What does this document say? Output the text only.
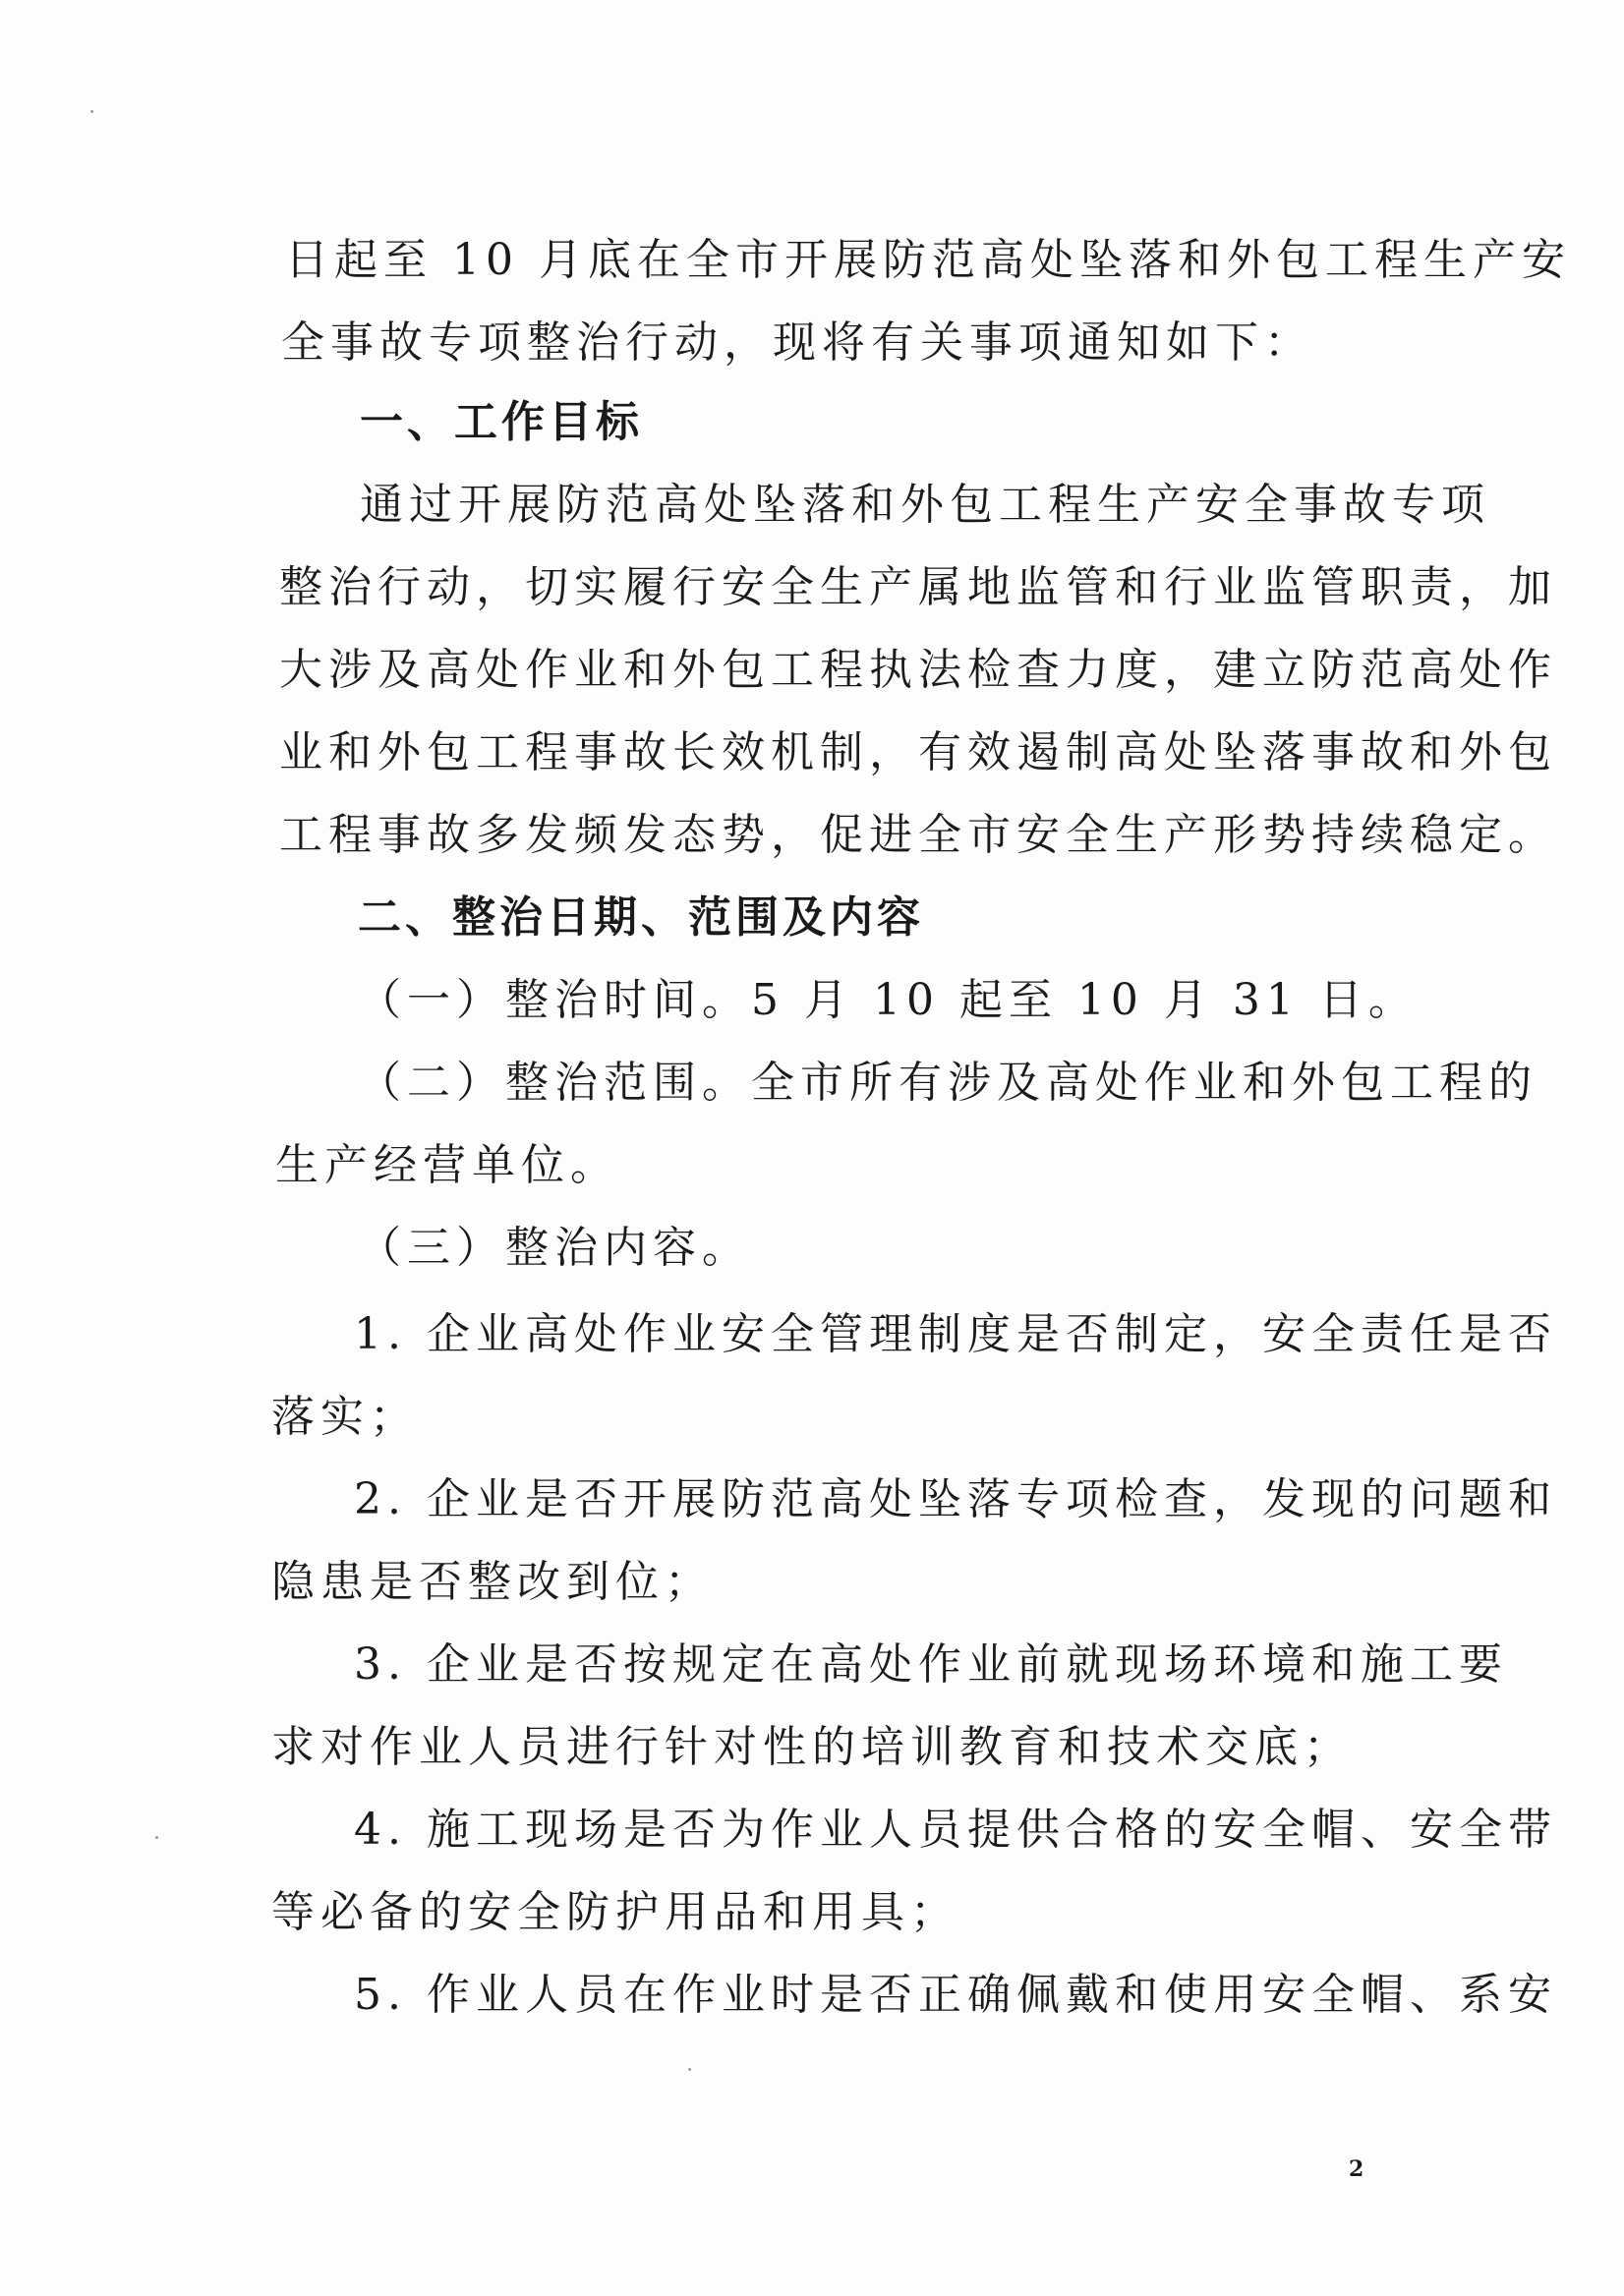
日起至 10 月底在全市开展防范高处坠落和外包工程生产安
全事故专项整治行动，现将有关事项通知如下：
一、工作目标
通过开展防范高处坠落和外包工程生产安全事故专项
整治行动，切实履行安全生产属地监管和行业监管职责，加
大涉及高处作业和外包工程执法检查力度，建立防范高处作
业和外包工程事故长效机制，有效遏制高处坠落事故和外包
工程事故多发频发态势，促进全市安全生产形势持续稳定。
二、整治日期、范围及内容
（一）整治时间。5 月 10 起至 10 月 31 日。
（二）整治范围。全市所有涉及高处作业和外包工程的
生产经营单位。
（三）整治内容。
1. 企业高处作业安全管理制度是否制定，安全责任是否
落实；
2. 企业是否开展防范高处坠落专项检查，发现的问题和
隐患是否整改到位；
3. 企业是否按规定在高处作业前就现场环境和施工要
求对作业人员进行针对性的培训教育和技术交底；
4. 施工现场是否为作业人员提供合格的安全帽、安全带
等必备的安全防护用品和用具；
5. 作业人员在作业时是否正确佩戴和使用安全帽、系安
2
